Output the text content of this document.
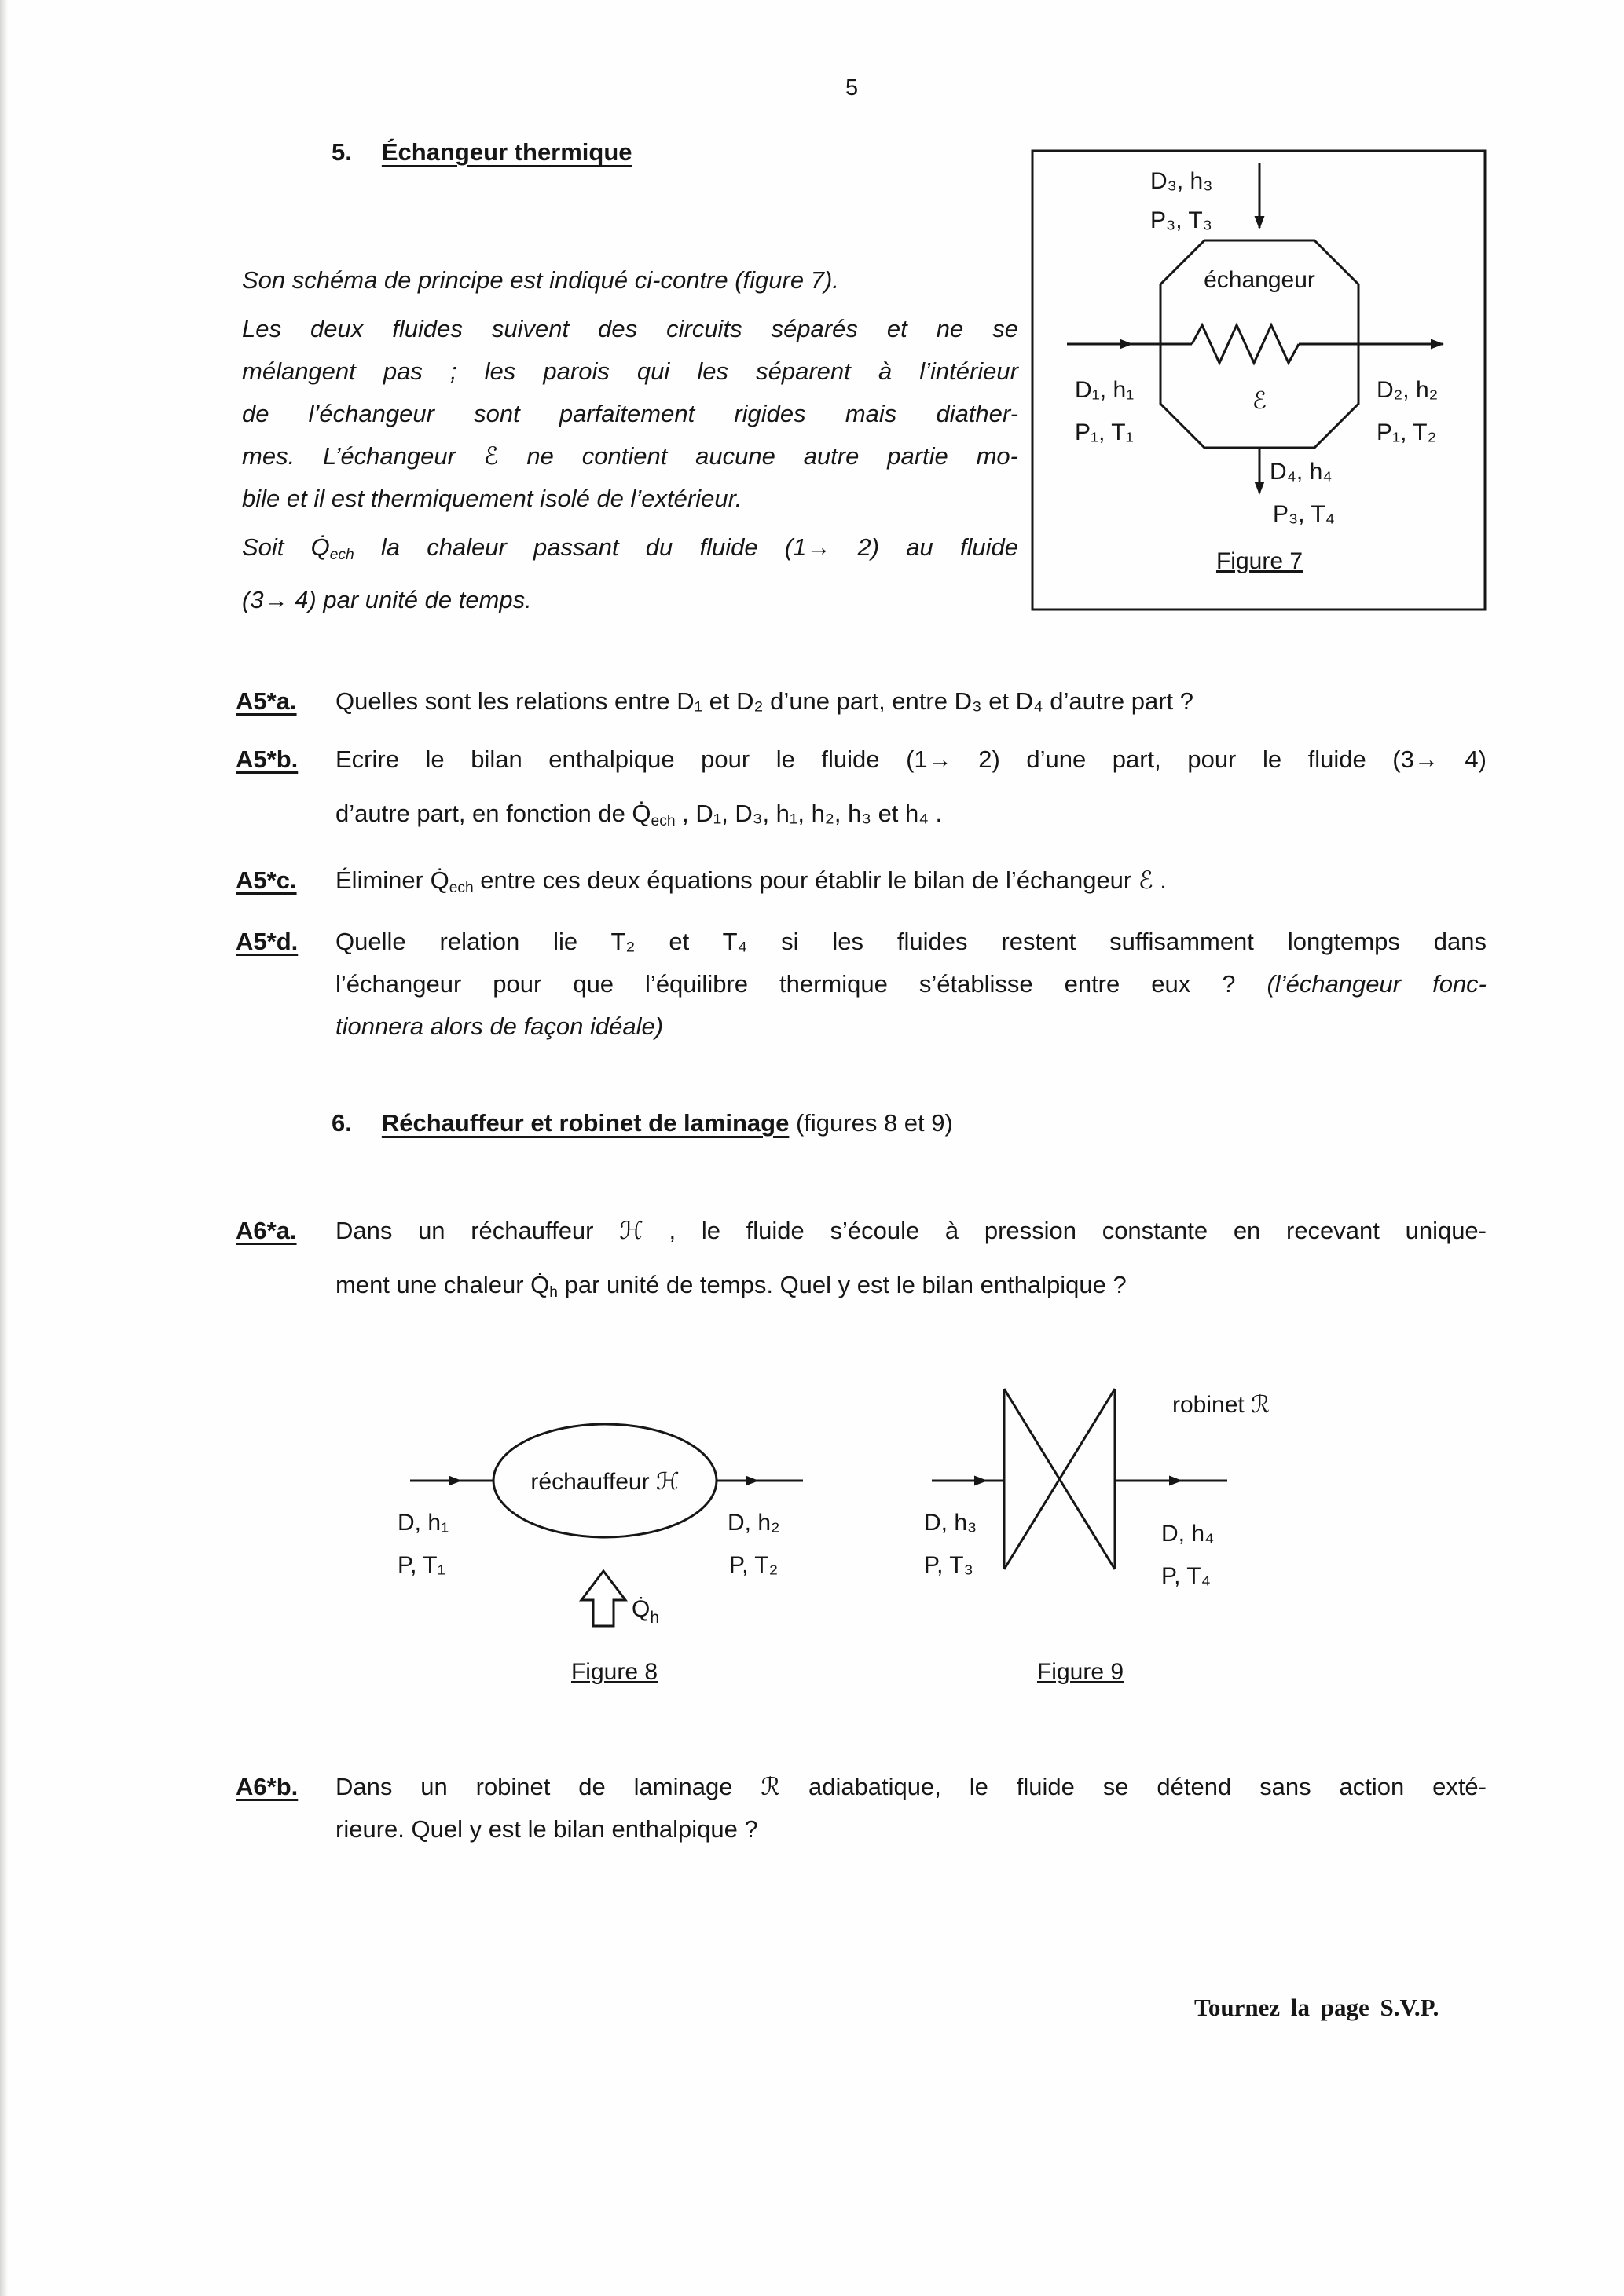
5
5. Échangeur thermique
D₃, h₃
P₃, T₃
échangeur
ℰ
D₁, h₁
P₁, T₁
D₂, h₂
P₁, T₂
D₄, h₄
P₃, T₄
Figure 7
Son schéma de principe est indiqué ci-contre (figure 7).
Les deux fluides suivent des circuits séparés et ne se
mélangent pas ; les parois qui les séparent à l’intérieur
de l’échangeur sont parfaitement rigides mais diather-
mes. L’échangeur ℰ ne contient aucune autre partie mo-
bile et il est thermiquement isolé de l’extérieur.
Soit Q̇ech la chaleur passant du fluide (1→ 2) au fluide
(3→ 4) par unité de temps.
A5*a.	Quelles sont les relations entre D₁ et D₂ d’une part, entre D₃ et D₄ d’autre part ?
A5*b.	Ecrire le bilan enthalpique pour le fluide (1→ 2) d’une part, pour le fluide (3→ 4)
d’autre part, en fonction de Q̇ech , D₁, D₃, h₁, h₂, h₃ et h₄ .
A5*c.	Éliminer Q̇ech entre ces deux équations pour établir le bilan de l’échangeur ℰ .
A5*d.	Quelle relation lie T₂ et T₄ si les fluides restent suffisamment longtemps dans
l’échangeur pour que l’équilibre thermique s’établisse entre eux ? (l’échangeur fonc-
tionnera alors de façon idéale)
6. Réchauffeur et robinet de laminage (figures 8 et 9)
A6*a.	Dans un réchauffeur ℋ , le fluide s’écoule à pression constante en recevant unique-
ment une chaleur Q̇h par unité de temps. Quel y est le bilan enthalpique ?
réchauffeur ℋ
D, h₁
P, T₁
D, h₂
P, T₂
$Q̇_h$
Figure 8
robinet ℛ
D, h₃
P, T₃
D, h₄
P, T₄
Figure 9
A6*b.	Dans un robinet de laminage ℛ adiabatique, le fluide se détend sans action exté-
rieure. Quel y est le bilan enthalpique ?
Tournez la page S.V.P.
